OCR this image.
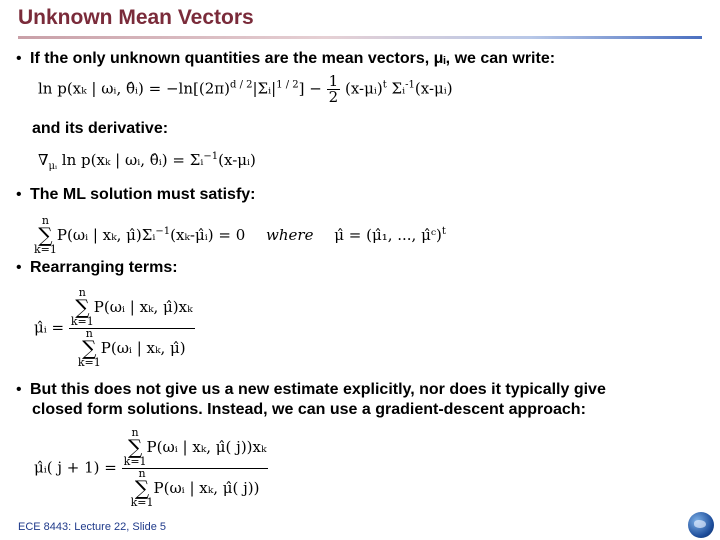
Unknown Mean Vectors
• If the only unknown quantities are the mean vectors, μᵢ, we can write:
ln p(xₖ | ωᵢ, θ̂ᵢ) = $-\ln[(2\pi)^{d / 2}|\Sigma ᵢ|^{1 / 2}] - \frac{1}{2}$ (x-μᵢ)$^t$ Σᵢ$^{-1}$(x-μᵢ)
and its derivative:
$\nabla_{\mu ᵢ}$ ln p(xₖ | ωᵢ, θ̂ᵢ) = Σᵢ$^{-1}$(x-μᵢ)
• The ML solution must satisfy:
n
∑
k=1P(ωᵢ | xₖ, μ̂)Σᵢ$^{-1}$(xₖ-μ̂ᵢ) = 0 where μ̂ = (μ̂₁, ..., μ̂ᶜ)$^t$
• Rearranging terms:
μ̂ᵢ = n
∑
k=1P(ωᵢ | xₖ, μ̂)xₖ
n
∑
k=1P(ωᵢ | xₖ, μ̂)
• But this does not give us a new estimate explicitly, nor does it typically give
closed form solutions. Instead, we can use a gradient-descent approach:
μ̂ᵢ( j + 1) = n
∑
k=1P(ωᵢ | xₖ, μ̂( j))xₖ
n
∑
k=1P(ωᵢ | xₖ, μ̂( j))
ECE 8443: Lecture 22, Slide 5
